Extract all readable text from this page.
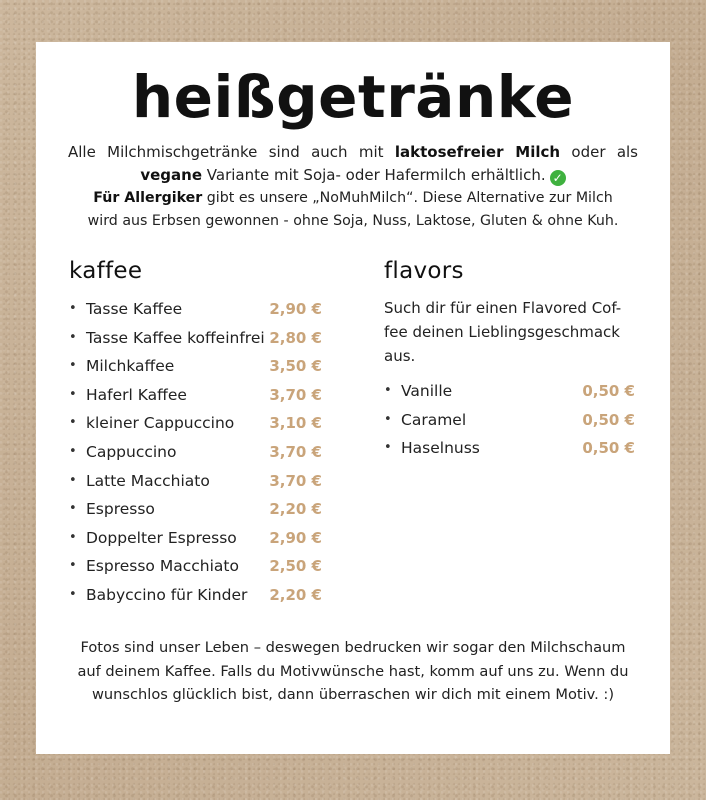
heißgetränke
Alle Milchmischgetränke sind auch mit laktosefreier Milch oder als
vegane Variante mit Soja- oder Hafermilch erhältlich. ✓
Für Allergiker gibt es unsere „NoMuhMilch“. Diese Alternative zur Milch
wird aus Erbsen gewonnen - ohne Soja, Nuss, Laktose, Gluten & ohne Kuh.
kaffee
• Tasse Kaffee	2,90 €
• Tasse Kaffee koffeinfrei 2,80 €
• Milchkaffee	3,50 €
• Haferl Kaffee	3,70 €
• kleiner Cappuccino 3,10 €
• Cappuccino	3,70 €
• Latte Macchiato	3,70 €
• Espresso	2,20 €
• Doppelter Espresso 2,90 €
• Espresso Macchiato 2,50 €
• Babyccino für Kinder 2,20 €
flavors
Such dir für einen Flavored Cof-
fee deinen Lieblingsgeschmack
aus.
• Vanille	0,50 €
• Caramel	0,50 €
• Haselnuss	0,50 €
Fotos sind unser Leben – deswegen bedrucken wir sogar den Milchschaum
auf deinem Kaffee. Falls du Motivwünsche hast, komm auf uns zu. Wenn du
wunschlos glücklich bist, dann überraschen wir dich mit einem Motiv. :)
